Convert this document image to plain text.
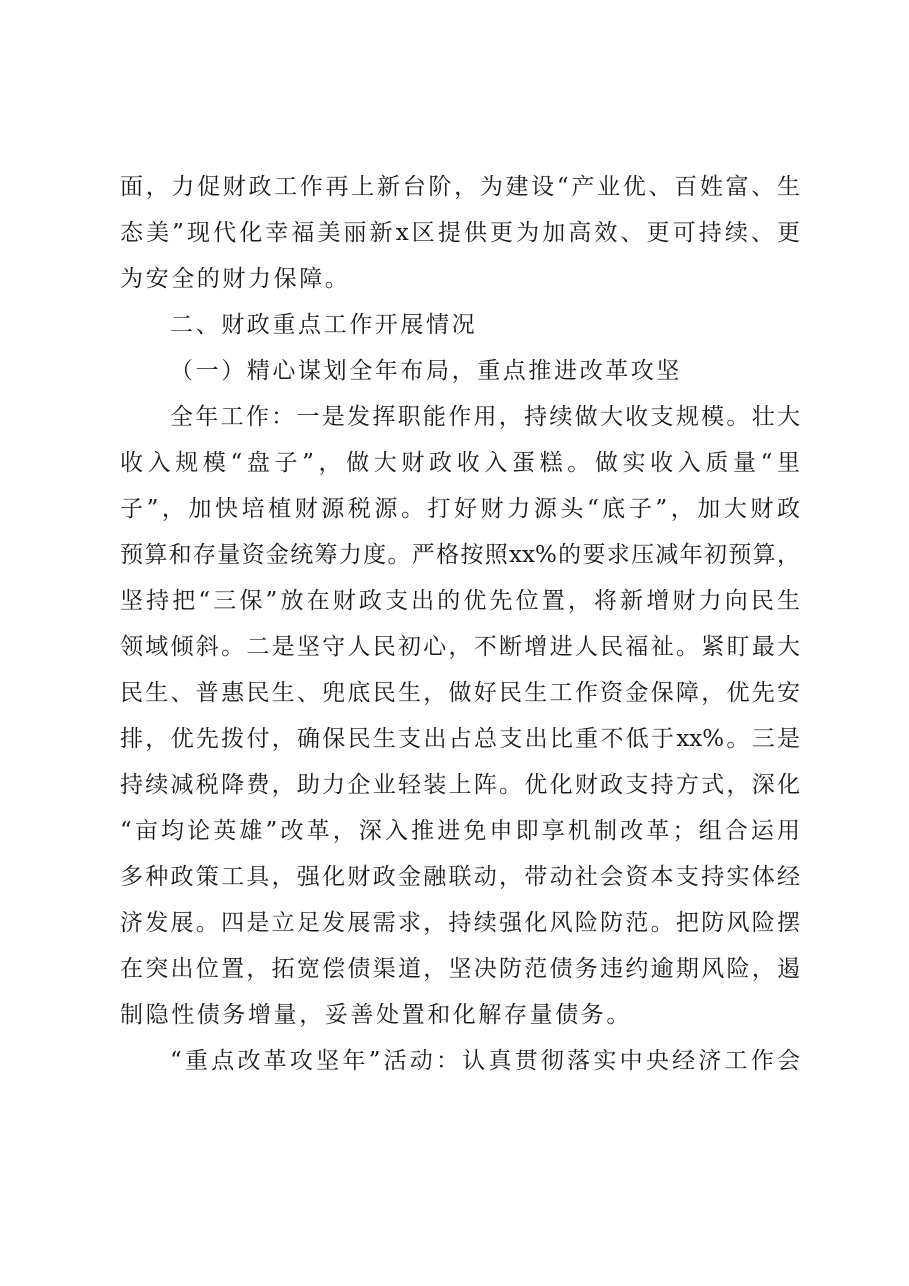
面，力促财政工作再上新台阶，为建设“产业优、百姓富、生
态美”现代化幸福美丽新x区提供更为加高效、更可持续、更
为安全的财力保障。
二、财政重点工作开展情况
（一）精心谋划全年布局，重点推进改革攻坚
全年工作：一是发挥职能作用，持续做大收支规模。壮大
收入规模“盘子”，做大财政收入蛋糕。做实收入质量“里
子”，加快培植财源税源。打好财力源头“底子”，加大财政
预算和存量资金统筹力度。严格按照xx%的要求压减年初预算，
坚持把“三保”放在财政支出的优先位置，将新增财力向民生
领域倾斜。二是坚守人民初心，不断增进人民福祉。紧盯最大
民生、普惠民生、兜底民生，做好民生工作资金保障，优先安
排，优先拨付，确保民生支出占总支出比重不低于xx%。三是
持续减税降费，助力企业轻装上阵。优化财政支持方式，深化
“亩均论英雄”改革，深入推进免申即享机制改革；组合运用
多种政策工具，强化财政金融联动，带动社会资本支持实体经
济发展。四是立足发展需求，持续强化风险防范。把防风险摆
在突出位置，拓宽偿债渠道，坚决防范债务违约逾期风险，遏
制隐性债务增量，妥善处置和化解存量债务。
“重点改革攻坚年”活动：认真贯彻落实中央经济工作会
